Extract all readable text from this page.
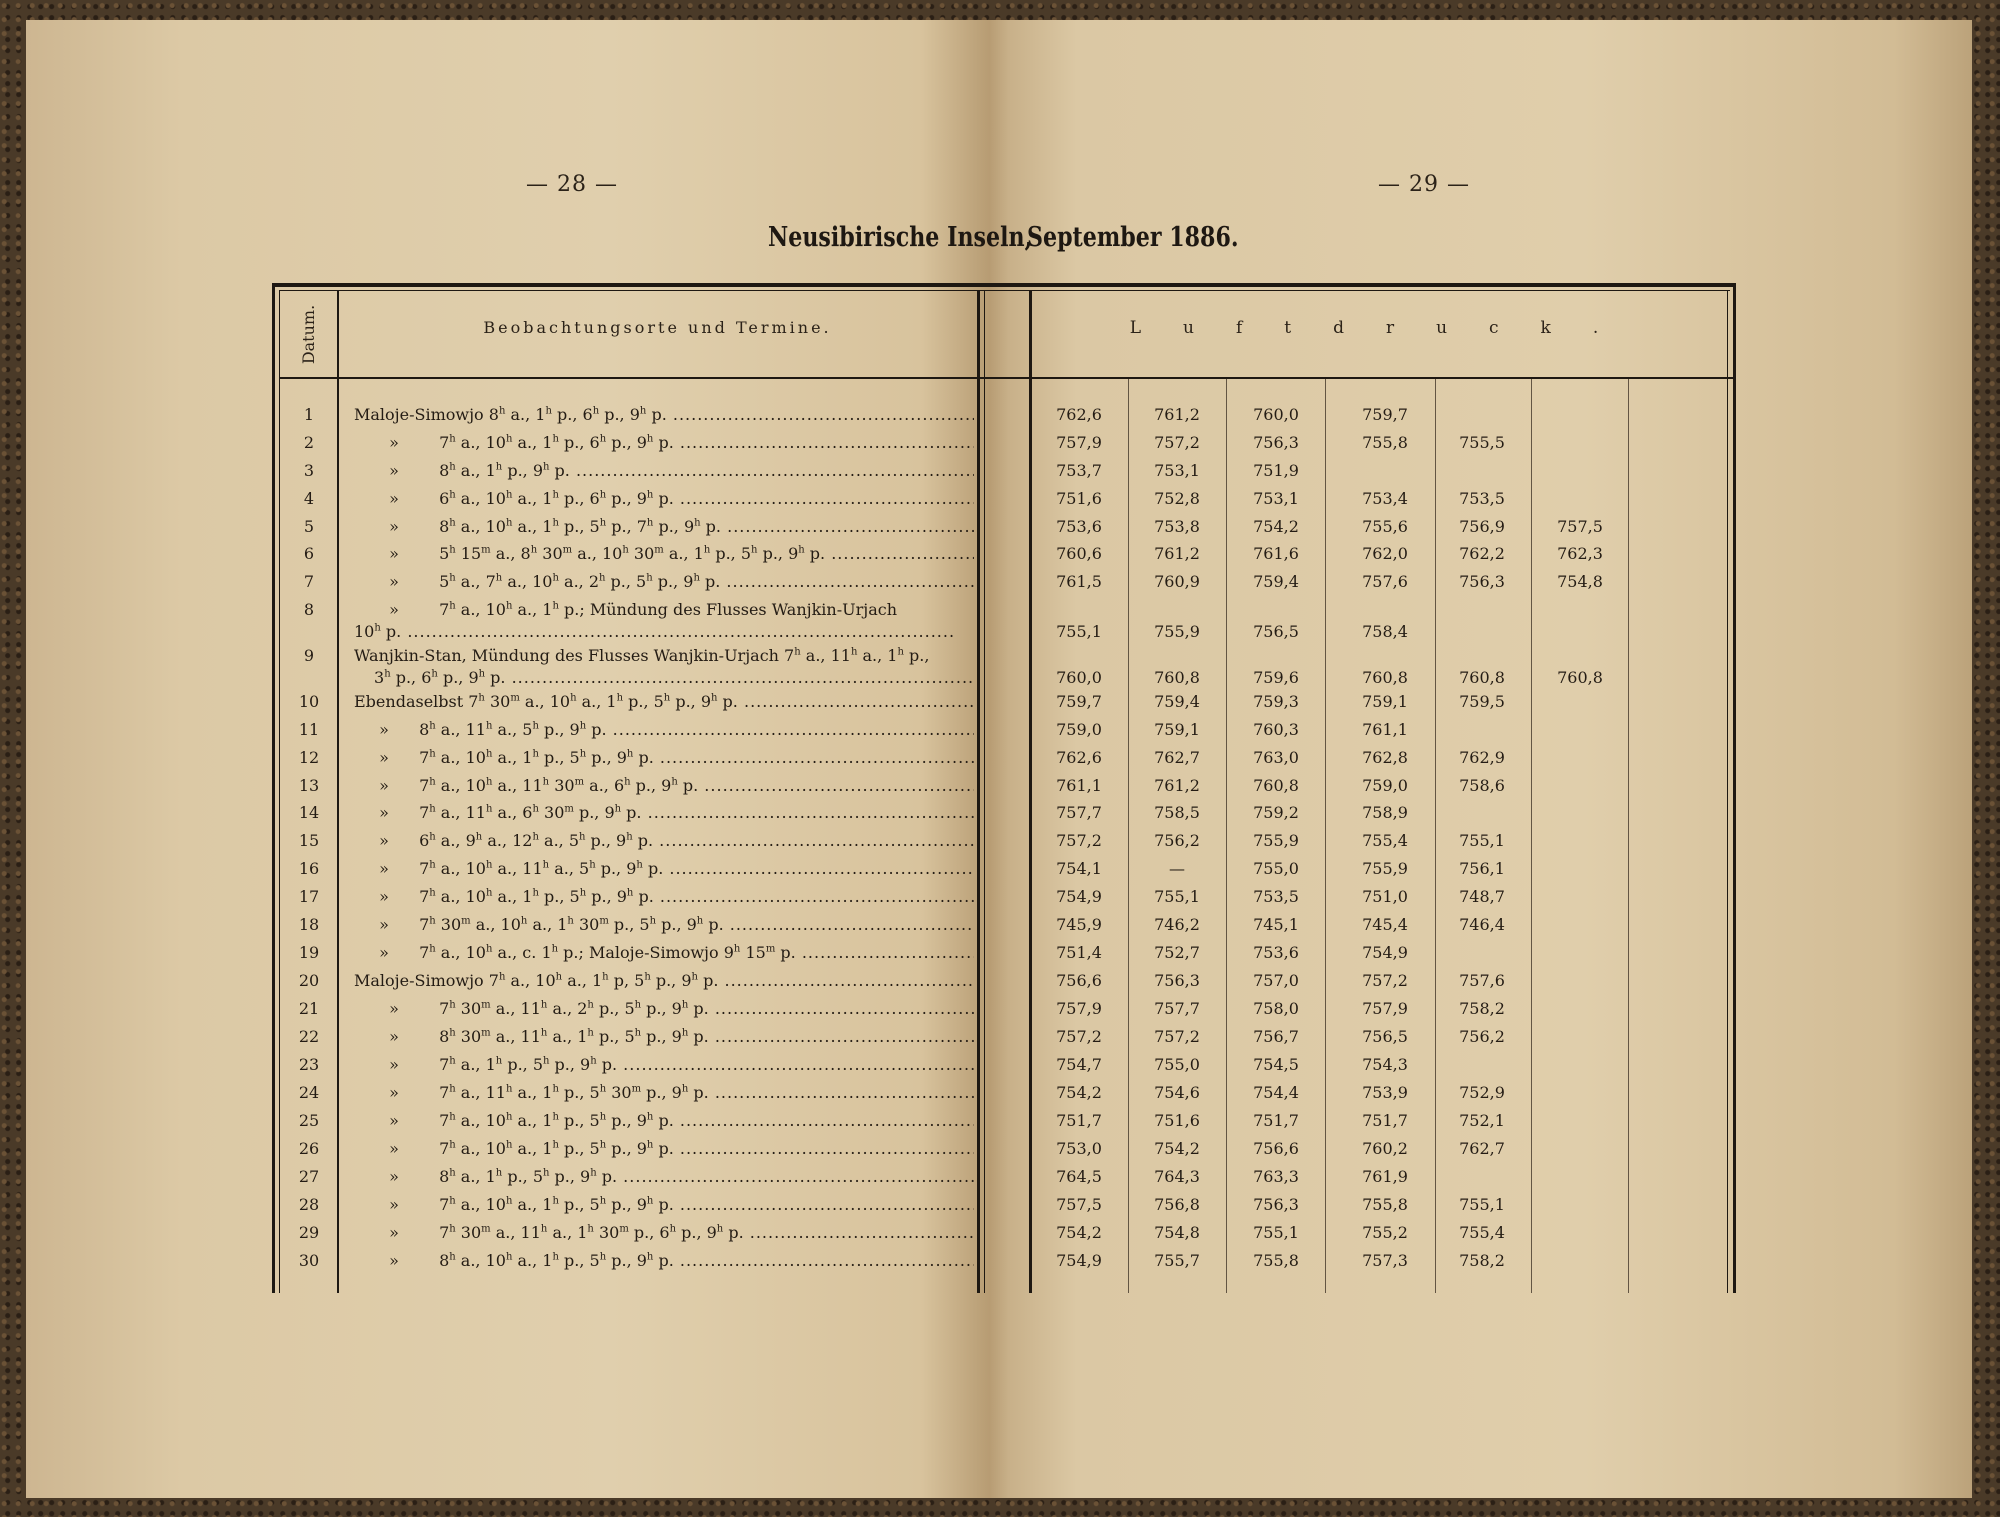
— 28 —	— 29 —
Neusibirische Inseln,
September 1886.
Datum.	Beobachtungsorte und Termine.	Luftdruck.
1	Maloje-Simowjo 8$^h$ a., 1$^h$ p., 6$^h$ p., 9$^h$ p. .....	762,6	761,2	760,0	759,7
2	» 7$^h$ a., 10$^h$ a., 1$^h$ p., 6$^h$ p., 9$^h$ p. .....	757,9	757,2	756,3	755,8	755,5
3	» 8$^h$ a., 1$^h$ p., 9$^h$ p. .....	753,7	753,1	751,9
4	» 6$^h$ a., 10$^h$ a., 1$^h$ p., 6$^h$ p., 9$^h$ p. .....	751,6	752,8	753,1	753,4	753,5
5	» 8$^h$ a., 10$^h$ a., 1$^h$ p., 5$^h$ p., 7$^h$ p., 9$^h$ p. .....	753,6	753,8	754,2	755,6	756,9	757,5
6	» 5$^h$ 15$^m$ a., 8$^h$ 30$^m$ a., 10$^h$ 30$^m$ a., 1$^h$ p., 5$^h$ p., 9$^h$ p. .....	760,6	761,2	761,6	762,0	762,2	762,3
7	» 5$^h$ a., 7$^h$ a., 10$^h$ a., 2$^h$ p., 5$^h$ p., 9$^h$ p. .....	761,5	760,9	759,4	757,6	756,3	754,8
8	» 7$^h$ a., 10$^h$ a., 1$^h$ p.; Mündung des Flusses Wanjkin-Urjach
10$^h$ p. .....	755,1	755,9	756,5	758,4
9	Wanjkin-Stan, Mündung des Flusses Wanjkin-Urjach 7$^h$ a., 11$^h$ a., 1$^h$ p.,
3$^h$ p., 6$^h$ p., 9$^h$ p. .....	760,0	760,8	759,6	760,8	760,8	760,8
10	Ebendaselbst 7$^h$ 30$^m$ a., 10$^h$ a., 1$^h$ p., 5$^h$ p., 9$^h$ p. .....	759,7	759,4	759,3	759,1	759,5
11	» 8$^h$ a., 11$^h$ a., 5$^h$ p., 9$^h$ p. .....	759,0	759,1	760,3	761,1
12	» 7$^h$ a., 10$^h$ a., 1$^h$ p., 5$^h$ p., 9$^h$ p. .....	762,6	762,7	763,0	762,8	762,9
13	» 7$^h$ a., 10$^h$ a., 11$^h$ 30$^m$ a., 6$^h$ p., 9$^h$ p. .....	761,1	761,2	760,8	759,0	758,6
14	» 7$^h$ a., 11$^h$ a., 6$^h$ 30$^m$ p., 9$^h$ p. .....	757,7	758,5	759,2	758,9
15	» 6$^h$ a., 9$^h$ a., 12$^h$ a., 5$^h$ p., 9$^h$ p. .....	757,2	756,2	755,9	755,4	755,1
16	» 7$^h$ a., 10$^h$ a., 11$^h$ a., 5$^h$ p., 9$^h$ p. .....	754,1	—	755,0	755,9	756,1
17	» 7$^h$ a., 10$^h$ a., 1$^h$ p., 5$^h$ p., 9$^h$ p. .....	754,9	755,1	753,5	751,0	748,7
18	» 7$^h$ 30$^m$ a., 10$^h$ a., 1$^h$ 30$^m$ p., 5$^h$ p., 9$^h$ p. .....	745,9	746,2	745,1	745,4	746,4
19	» 7$^h$ a., 10$^h$ a., c. 1$^h$ p.; Maloje-Simowjo 9$^h$ 15$^m$ p. .....	751,4	752,7	753,6	754,9
20	Maloje-Simowjo 7$^h$ a., 10$^h$ a., 1$^h$ p, 5$^h$ p., 9$^h$ p. .....	756,6	756,3	757,0	757,2	757,6
21	» 7$^h$ 30$^m$ a., 11$^h$ a., 2$^h$ p., 5$^h$ p., 9$^h$ p. .....	757,9	757,7	758,0	757,9	758,2
22	» 8$^h$ 30$^m$ a., 11$^h$ a., 1$^h$ p., 5$^h$ p., 9$^h$ p. .....	757,2	757,2	756,7	756,5	756,2
23	» 7$^h$ a., 1$^h$ p., 5$^h$ p., 9$^h$ p. .....	754,7	755,0	754,5	754,3
24	» 7$^h$ a., 11$^h$ a., 1$^h$ p., 5$^h$ 30$^m$ p., 9$^h$ p. .....	754,2	754,6	754,4	753,9	752,9
25	» 7$^h$ a., 10$^h$ a., 1$^h$ p., 5$^h$ p., 9$^h$ p. .....	751,7	751,6	751,7	751,7	752,1
26	» 7$^h$ a., 10$^h$ a., 1$^h$ p., 5$^h$ p., 9$^h$ p. .....	753,0	754,2	756,6	760,2	762,7
27	» 8$^h$ a., 1$^h$ p., 5$^h$ p., 9$^h$ p. .....	764,5	764,3	763,3	761,9
28	» 7$^h$ a., 10$^h$ a., 1$^h$ p., 5$^h$ p., 9$^h$ p. .....	757,5	756,8	756,3	755,8	755,1
29	» 7$^h$ 30$^m$ a., 11$^h$ a., 1$^h$ 30$^m$ p., 6$^h$ p., 9$^h$ p. .....	754,2	754,8	755,1	755,2	755,4
30	» 8$^h$ a., 10$^h$ a., 1$^h$ p., 5$^h$ p., 9$^h$ p. .....	754,9	755,7	755,8	757,3	758,2
